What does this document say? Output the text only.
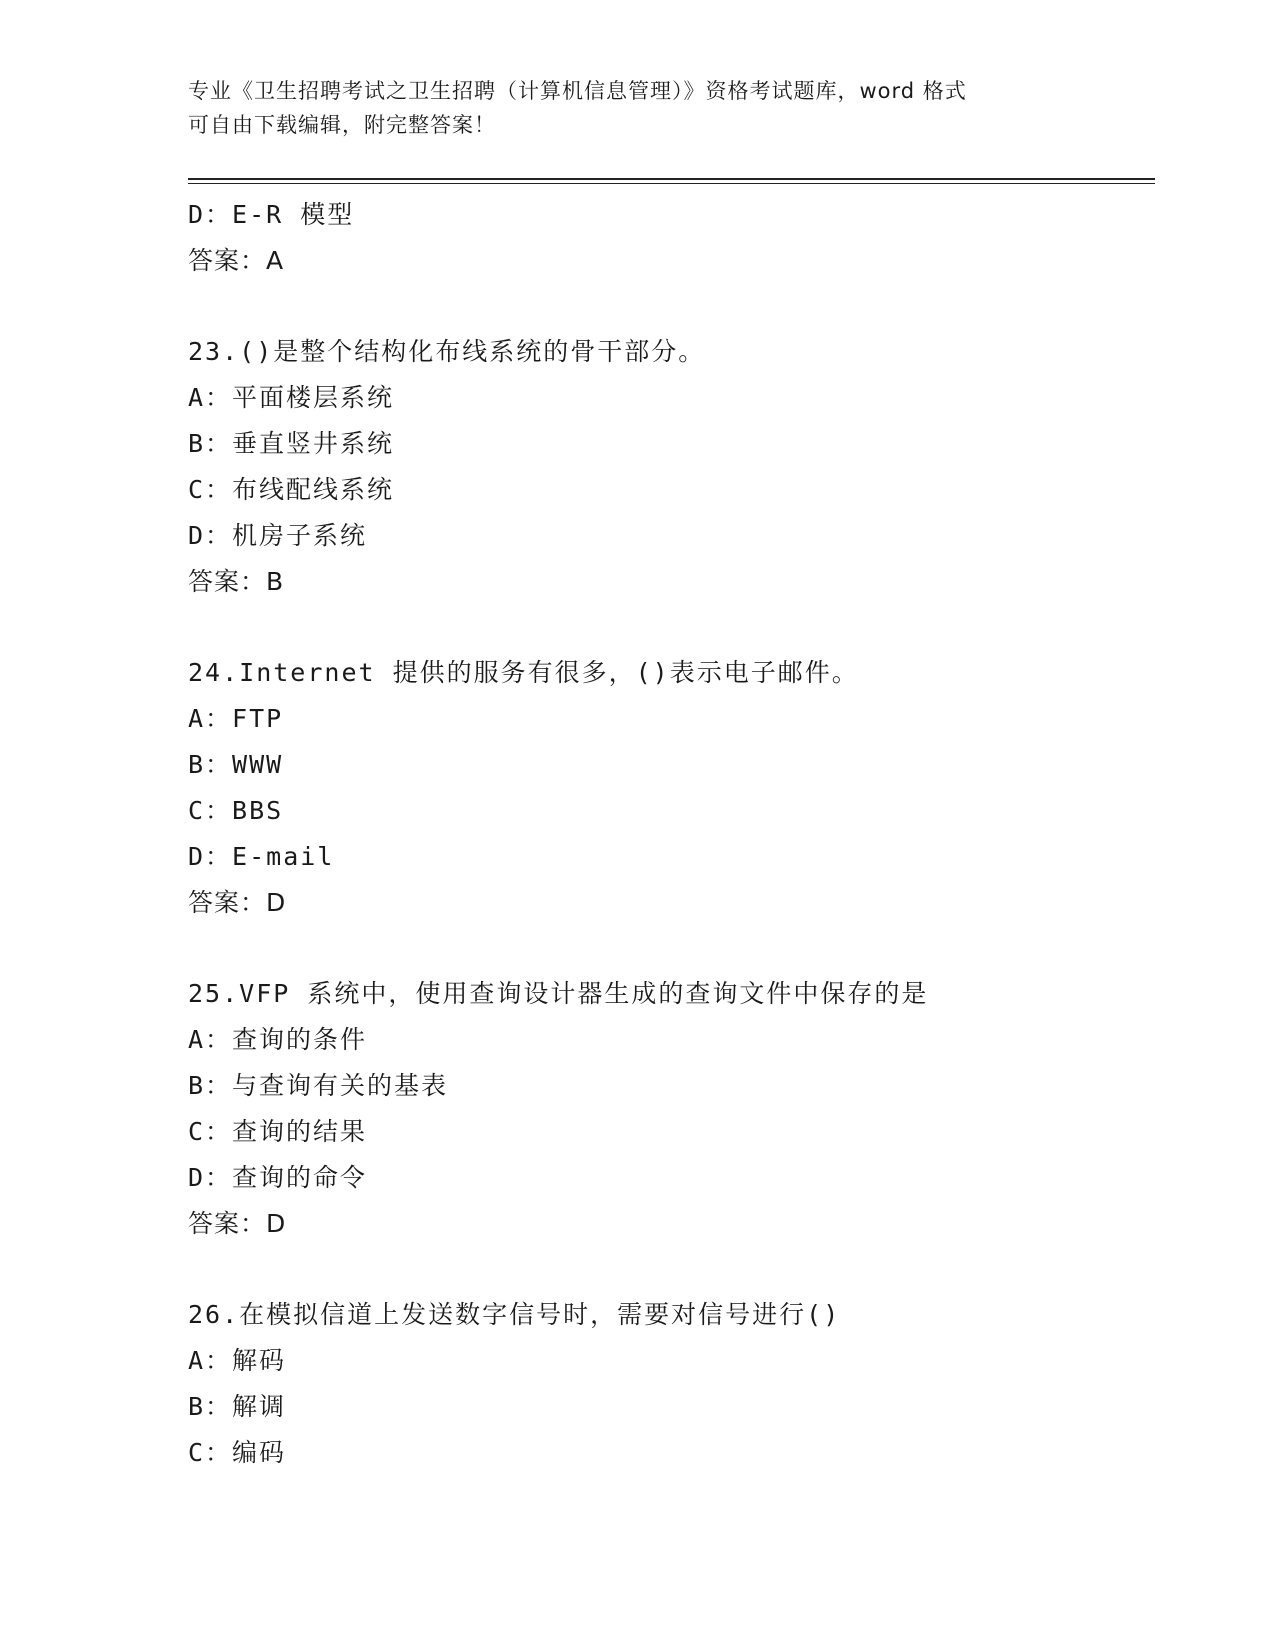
专业《卫生招聘考试之卫生招聘（计算机信息管理）》资格考试题库，word 格式
可自由下载编辑，附完整答案！
D：E-R 模型
答案：A
23.()是整个结构化布线系统的骨干部分。
A：平面楼层系统
B：垂直竖井系统
C：布线配线系统
D：机房子系统
答案：B
24.Internet 提供的服务有很多，()表示电子邮件。
A：FTP
B：WWW
C：BBS
D：E-mail
答案：D
25.VFP 系统中，使用查询设计器生成的查询文件中保存的是
A：查询的条件
B：与查询有关的基表
C：查询的结果
D：查询的命令
答案：D
26.在模拟信道上发送数字信号时，需要对信号进行()
A：解码
B：解调
C：编码
